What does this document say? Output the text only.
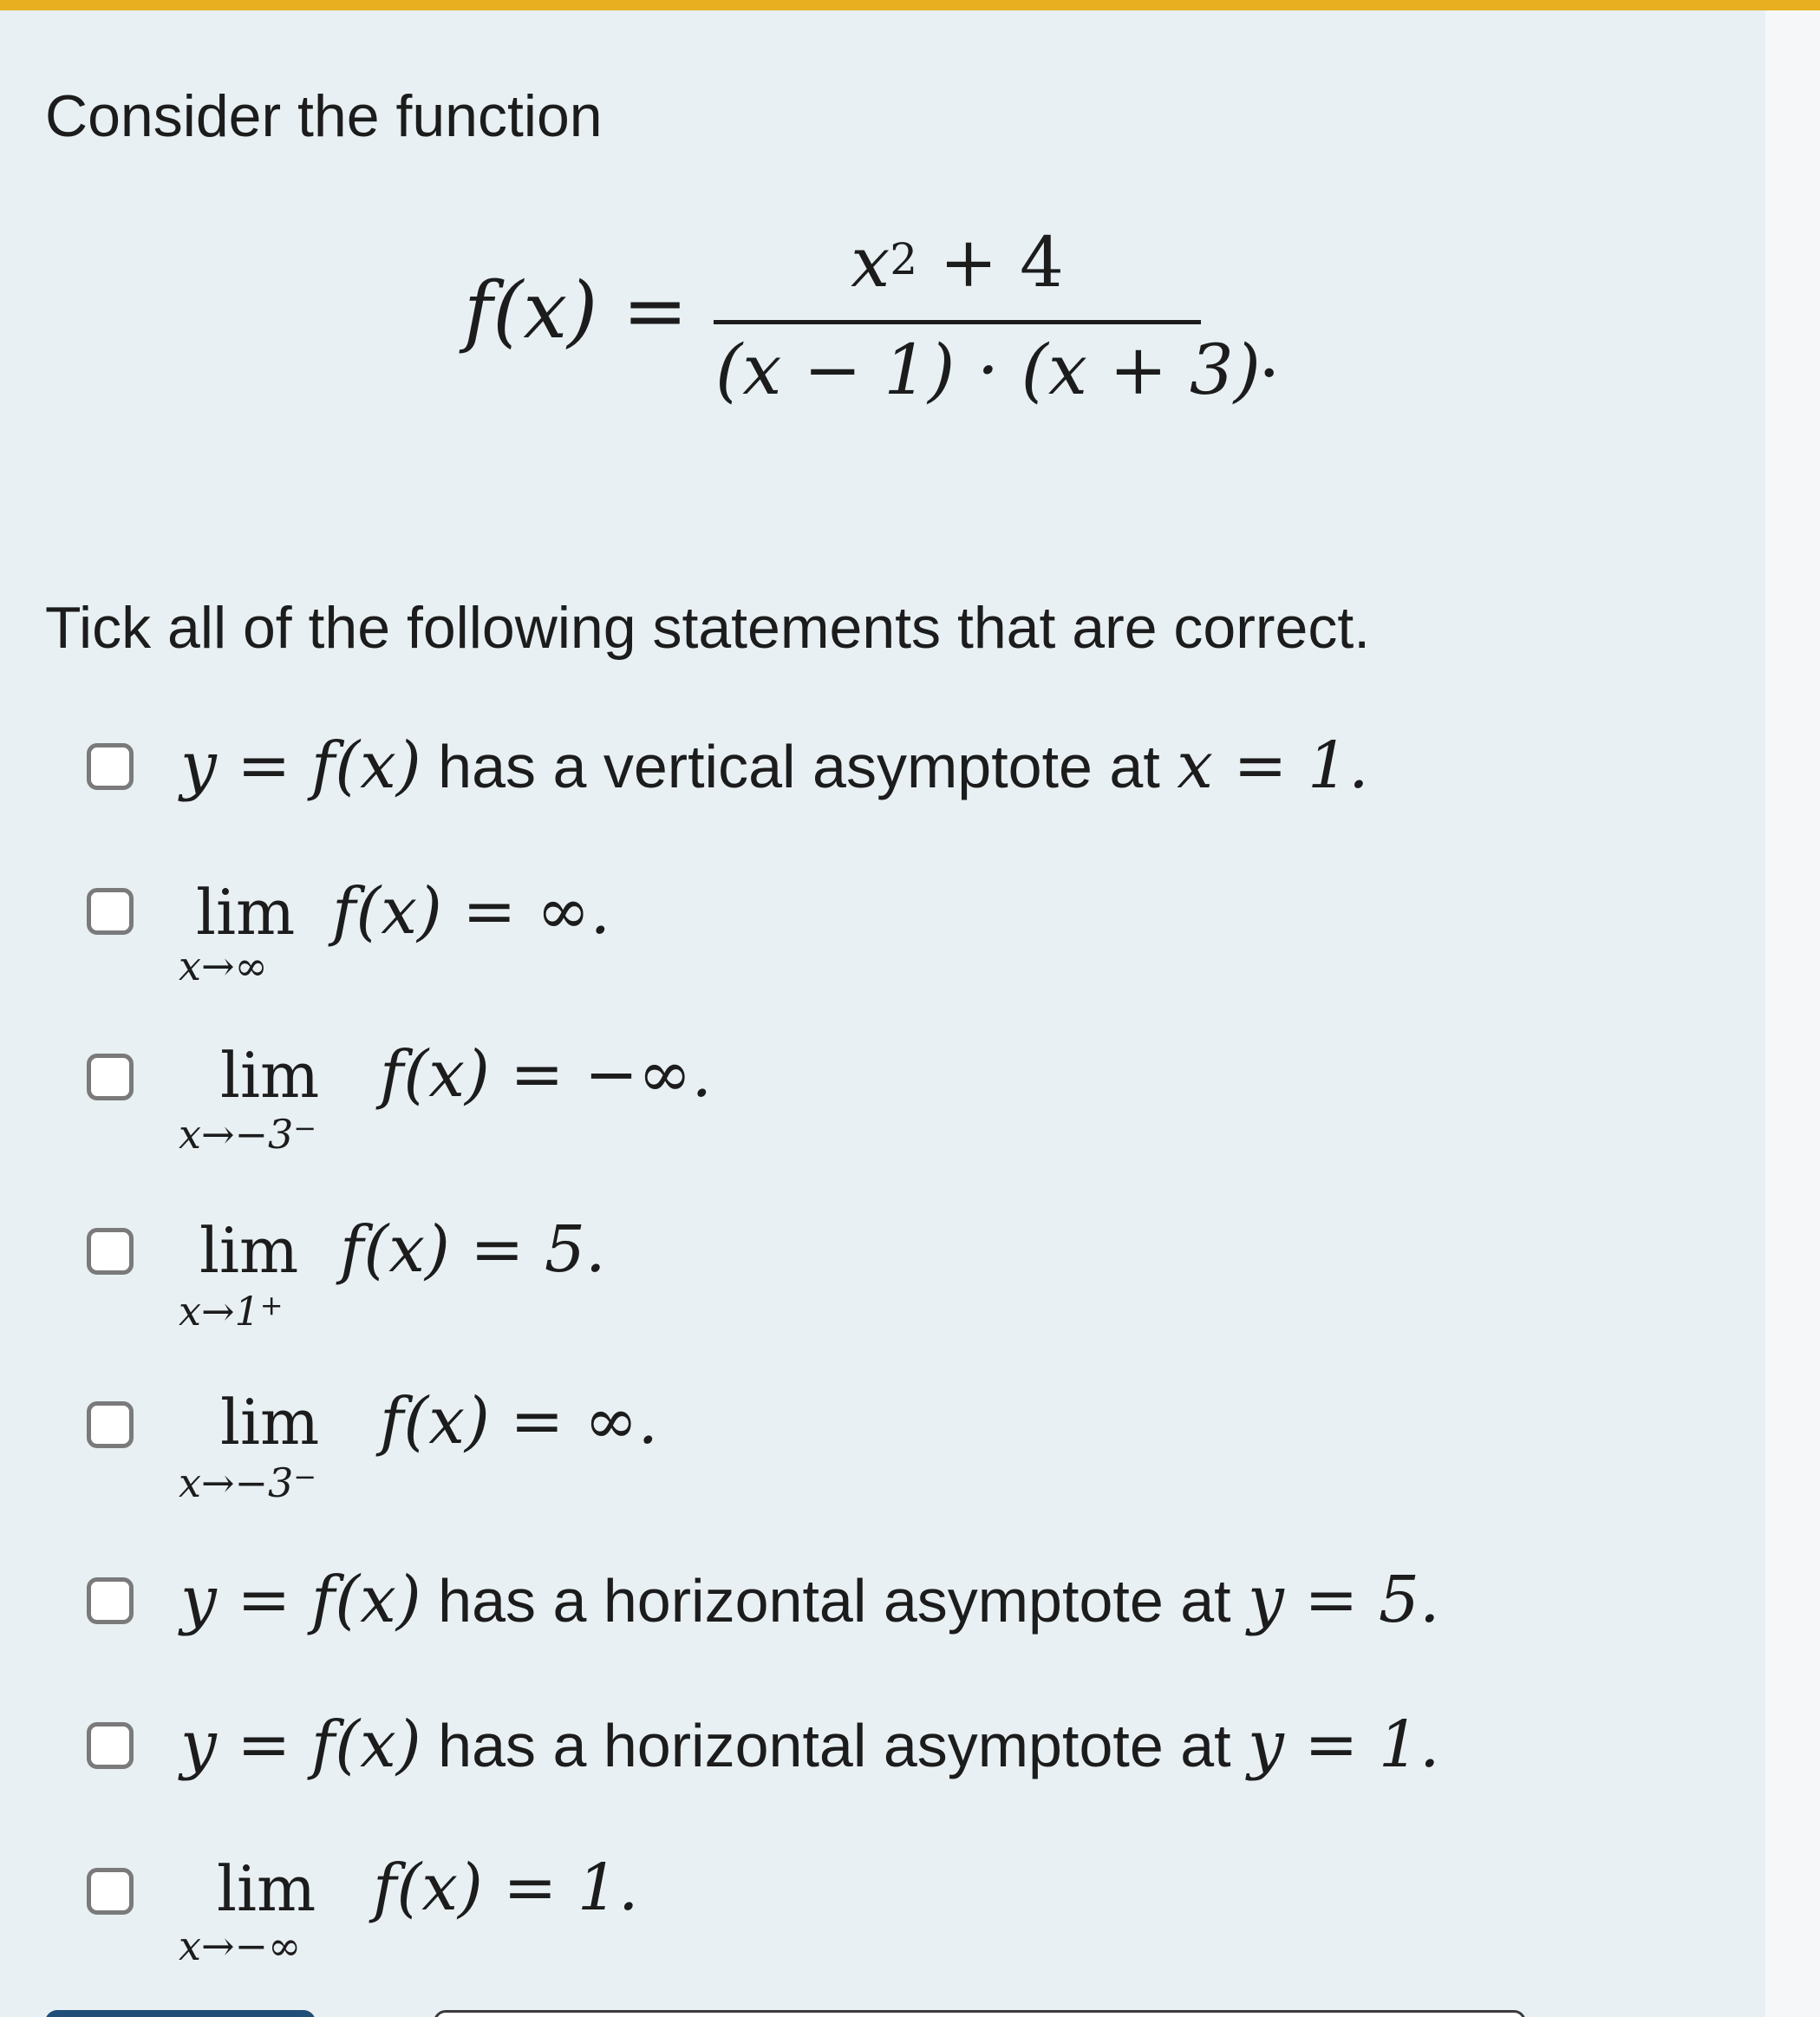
Consider the function
f(x) =
$x^2 + 4$
(x − 1) · (x + 3)
.
Tick all of the following statements that are correct.
y = f(x) has a vertical asymptote at x = 1.
lim
x→∞
f(x) = ∞.
lim
x→−3−
f(x) = −∞.
lim
x→1+
f(x) = 5.
lim
x→−3−
f(x) = ∞.
y = f(x) has a horizontal asymptote at y = 5.
y = f(x) has a horizontal asymptote at y = 1.
lim
x→−∞
f(x) = 1.
